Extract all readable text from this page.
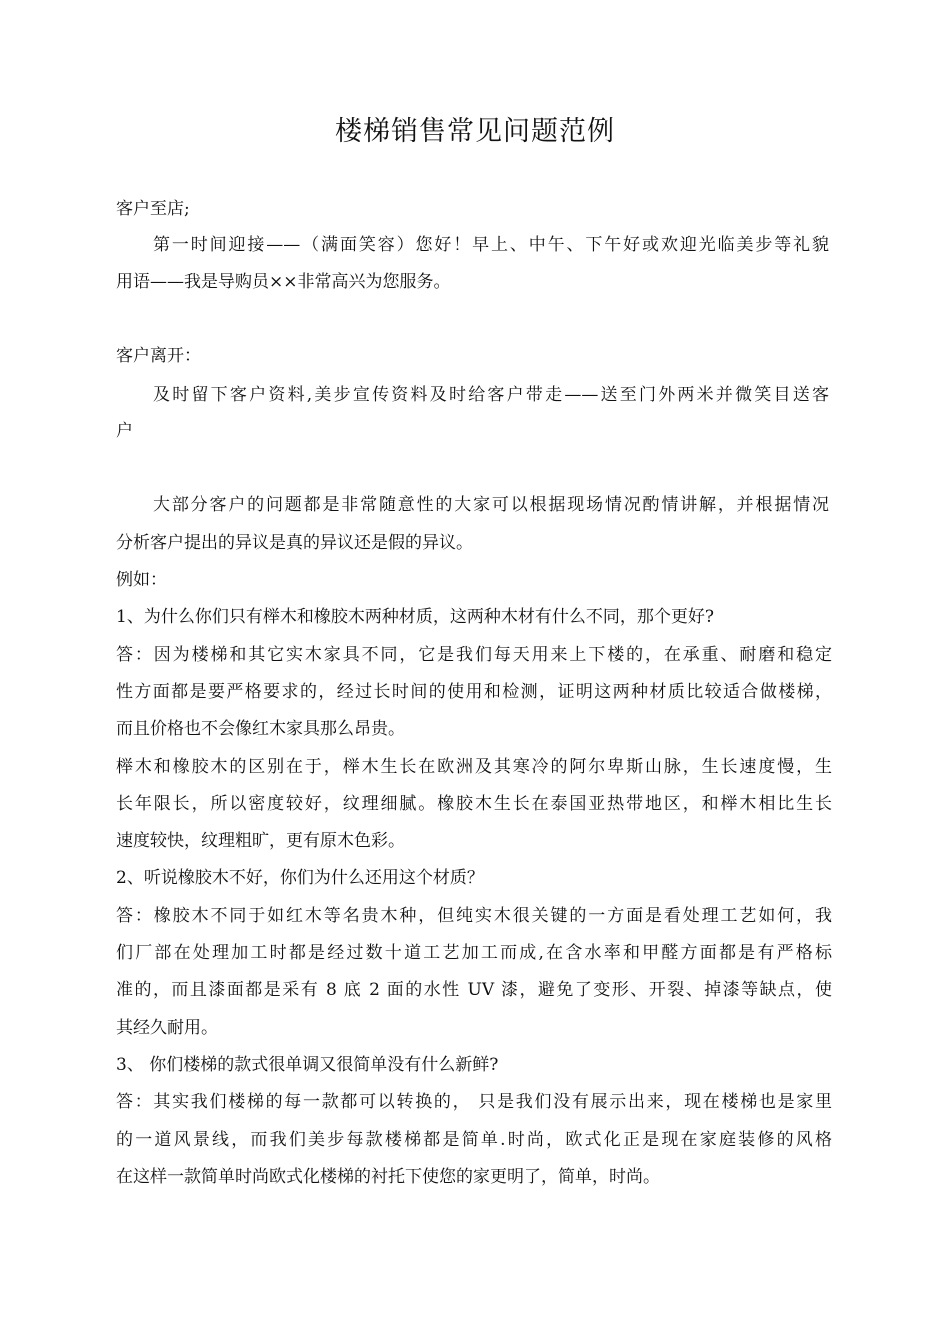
楼梯销售常见问题范例

客户至店;

第一时间迎接——（满面笑容）您好！早上、中午、下午好或欢迎光临美步等礼貌

用语——我是导购员××非常高兴为您服务。

客户离开：

及时留下客户资料,美步宣传资料及时给客户带走——送至门外两米并微笑目送客

户

大部分客户的问题都是非常随意性的大家可以根据现场情况酌情讲解，并根据情况

分析客户提出的异议是真的异议还是假的异议。

例如：

1、为什么你们只有榉木和橡胶木两种材质，这两种木材有什么不同，那个更好?

答：因为楼梯和其它实木家具不同，它是我们每天用来上下楼的，在承重、耐磨和稳定

性方面都是要严格要求的，经过长时间的使用和检测，证明这两种材质比较适合做楼梯，

而且价格也不会像红木家具那么昂贵。

榉木和橡胶木的区别在于，榉木生长在欧洲及其寒冷的阿尔卑斯山脉，生长速度慢，生

长年限长，所以密度较好，纹理细腻。橡胶木生长在泰国亚热带地区，和榉木相比生长

速度较快，纹理粗旷，更有原木色彩。

2、听说橡胶木不好，你们为什么还用这个材质？

答：橡胶木不同于如红木等名贵木种，但纯实木很关键的一方面是看处理工艺如何，我

们厂部在处理加工时都是经过数十道工艺加工而成,在含水率和甲醛方面都是有严格标

准的，而且漆面都是采有 8 底 2 面的水性 UV 漆，避免了变形、开裂、掉漆等缺点，使

其经久耐用。

3、 你们楼梯的款式很单调又很简单没有什么新鲜?

答：其实我们楼梯的每一款都可以转换的， 只是我们没有展示出来，现在楼梯也是家里

的一道风景线，而我们美步每款楼梯都是简单.时尚，欧式化正是现在家庭装修的风格

在这样一款简单时尚欧式化楼梯的衬托下使您的家更明了，简单，时尚。
